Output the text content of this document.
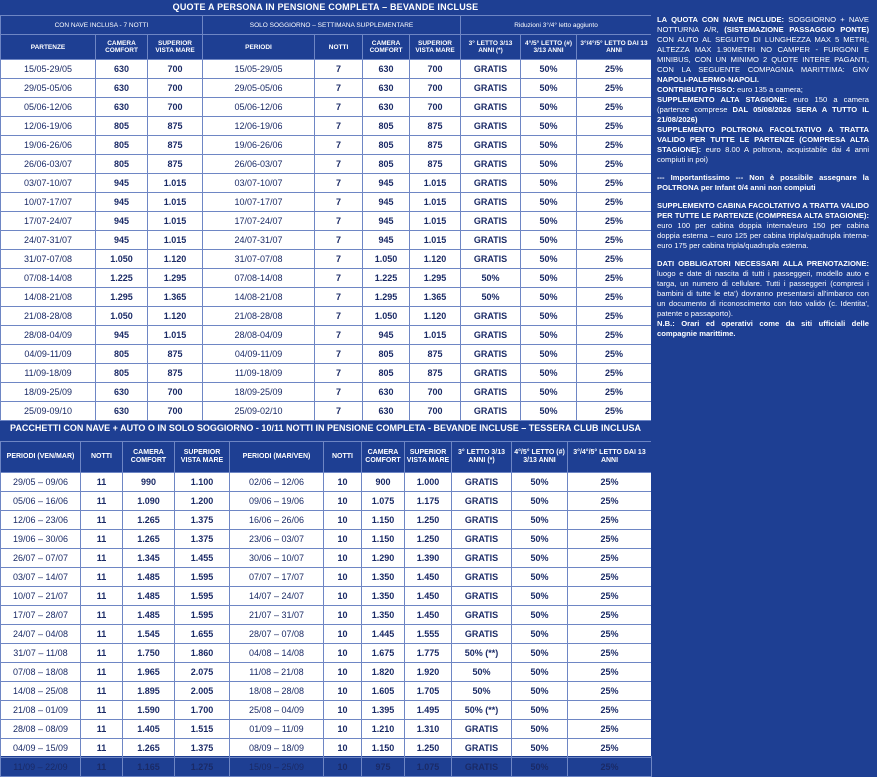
QUOTE A PERSONA IN PENSIONE COMPLETA – BEVANDE INCLUSE
CON NAVE INCLUSA - 7 NOTTI			SOLO SOGGIORNO – SETTIMANA SUPPLEMENTARE				Riduzioni 3°/4° letto aggiunto		
PARTENZE	CAMERA COMFORT	SUPERIOR VISTA MARE	PERIODI	NOTTI	CAMERA COMFORT	SUPERIOR VISTA MARE	3° LETTO 3/13 ANNI (*)	4°/5° LETTO (#) 3/13 ANNI	3°/4°/5° LETTO DAI 13 ANNI
15/05-29/05	630	700	15/05-29/05	7	630	700	GRATIS	50%	25%
29/05-05/06	630	700	29/05-05/06	7	630	700	GRATIS	50%	25%
05/06-12/06	630	700	05/06-12/06	7	630	700	GRATIS	50%	25%
12/06-19/06	805	875	12/06-19/06	7	805	875	GRATIS	50%	25%
19/06-26/06	805	875	19/06-26/06	7	805	875	GRATIS	50%	25%
26/06-03/07	805	875	26/06-03/07	7	805	875	GRATIS	50%	25%
03/07-10/07	945	1.015	03/07-10/07	7	945	1.015	GRATIS	50%	25%
10/07-17/07	945	1.015	10/07-17/07	7	945	1.015	GRATIS	50%	25%
17/07-24/07	945	1.015	17/07-24/07	7	945	1.015	GRATIS	50%	25%
24/07-31/07	945	1.015	24/07-31/07	7	945	1.015	GRATIS	50%	25%
31/07-07/08	1.050	1.120	31/07-07/08	7	1.050	1.120	GRATIS	50%	25%
07/08-14/08	1.225	1.295	07/08-14/08	7	1.225	1.295	50%	50%	25%
14/08-21/08	1.295	1.365	14/08-21/08	7	1.295	1.365	50%	50%	25%
21/08-28/08	1.050	1.120	21/08-28/08	7	1.050	1.120	GRATIS	50%	25%
28/08-04/09	945	1.015	28/08-04/09	7	945	1.015	GRATIS	50%	25%
04/09-11/09	805	875	04/09-11/09	7	805	875	GRATIS	50%	25%
11/09-18/09	805	875	11/09-18/09	7	805	875	GRATIS	50%	25%
18/09-25/09	630	700	18/09-25/09	7	630	700	GRATIS	50%	25%
25/09-09/10	630	700	25/09-02/10	7	630	700	GRATIS	50%	25%
PACCHETTI CON NAVE + AUTO O IN SOLO SOGGIORNO - 10/11 NOTTI IN PENSIONE COMPLETA - BEVANDE INCLUSE – TESSERA CLUB INCLUSA
PERIODI (VEN/MAR)	NOTTI	CAMERA COMFORT	SUPERIOR VISTA MARE	PERIODI (MAR/VEN)	NOTTI	CAMERA COMFORT	SUPERIOR VISTA MARE	3° LETTO 3/13 ANNI (*)	4°/5° LETTO (#) 3/13 ANNI	3°/4°/5° LETTO DAI 13 ANNI
29/05 – 09/06	11	990	1.100	02/06 – 12/06	10	900	1.000	GRATIS	50%	25%
05/06 – 16/06	11	1.090	1.200	09/06 – 19/06	10	1.075	1.175	GRATIS	50%	25%
12/06 – 23/06	11	1.265	1.375	16/06 – 26/06	10	1.150	1.250	GRATIS	50%	25%
19/06 – 30/06	11	1.265	1.375	23/06 – 03/07	10	1.150	1.250	GRATIS	50%	25%
26/07 – 07/07	11	1.345	1.455	30/06 – 10/07	10	1.290	1.390	GRATIS	50%	25%
03/07 – 14/07	11	1.485	1.595	07/07 – 17/07	10	1.350	1.450	GRATIS	50%	25%
10/07 – 21/07	11	1.485	1.595	14/07 – 24/07	10	1.350	1.450	GRATIS	50%	25%
17/07 – 28/07	11	1.485	1.595	21/07 – 31/07	10	1.350	1.450	GRATIS	50%	25%
24/07 – 04/08	11	1.545	1.655	28/07 – 07/08	10	1.445	1.555	GRATIS	50%	25%
31/07 – 11/08	11	1.750	1.860	04/08 – 14/08	10	1.675	1.775	50% (**)	50%	25%
07/08 – 18/08	11	1.965	2.075	11/08 – 21/08	10	1.820	1.920	50%	50%	25%
14/08 – 25/08	11	1.895	2.005	18/08 – 28/08	10	1.605	1.705	50%	50%	25%
21/08 – 01/09	11	1.590	1.700	25/08 – 04/09	10	1.395	1.495	50% (**)	50%	25%
28/08 – 08/09	11	1.405	1.515	01/09 – 11/09	10	1.210	1.310	GRATIS	50%	25%
04/09 – 15/09	11	1.265	1.375	08/09 – 18/09	10	1.150	1.250	GRATIS	50%	25%
11/09 – 22/09	11	1.165	1.275	15/09 – 25/09	10	975	1.075	GRATIS	50%	25%

LA QUOTA CON NAVE INCLUDE: SOGGIORNO + NAVE NOTTURNA A/R, (SISTEMAZIONE PASSAGGIO PONTE) CON AUTO AL SEGUITO DI LUNGHEZZA MAX 5 METRI, ALTEZZA MAX 1.90METRI NO CAMPER - FURGONI E MINIBUS, CON UN MINIMO 2 QUOTE INTERE PAGANTI, CON LA SEGUENTE COMPAGNIA MARITTIMA: GNV NAPOLI-PALERMO-NAPOLI.
CONTRIBUTO FISSO: euro 135 a camera;
SUPPLEMENTO ALTA STAGIONE: euro 150 a camera (partenze comprese DAL 05/08/2026 SERA A TUTTO IL 21/08/2026)
SUPPLEMENTO POLTRONA FACOLTATIVO A TRATTA VALIDO PER TUTTE LE PARTENZE (COMPRESA ALTA STAGIONE): euro 8.00 A poltrona, acquistabile dai 4 anni compiuti in poi)

--- Importantissimo --- Non è possibile assegnare la POLTRONA per Infant 0/4 anni non compiuti

SUPPLEMENTO CABINA FACOLTATIVO A TRATTA VALIDO PER TUTTE LE PARTENZE (COMPRESA ALTA STAGIONE): euro 100 per cabina doppia interna/euro 150 per cabina doppia esterna – euro 125 per cabina tripla/quadrupla interna- euro 175 per cabina tripla/quadrupla esterna.

DATI OBBLIGATORI NECESSARI ALLA PRENOTAZIONE: luogo e date di nascita di tutti i passeggeri, modello auto e targa, un numero di cellulare. Tutti i passeggeri (compresi i bambini di tutte le eta') dovranno presentarsi all'imbarco con un documento di riconoscimento con foto valido (c. Identita', patente o passaporto).
N.B.: Orari ed operativi come da siti ufficiali delle compagnie marittime.
